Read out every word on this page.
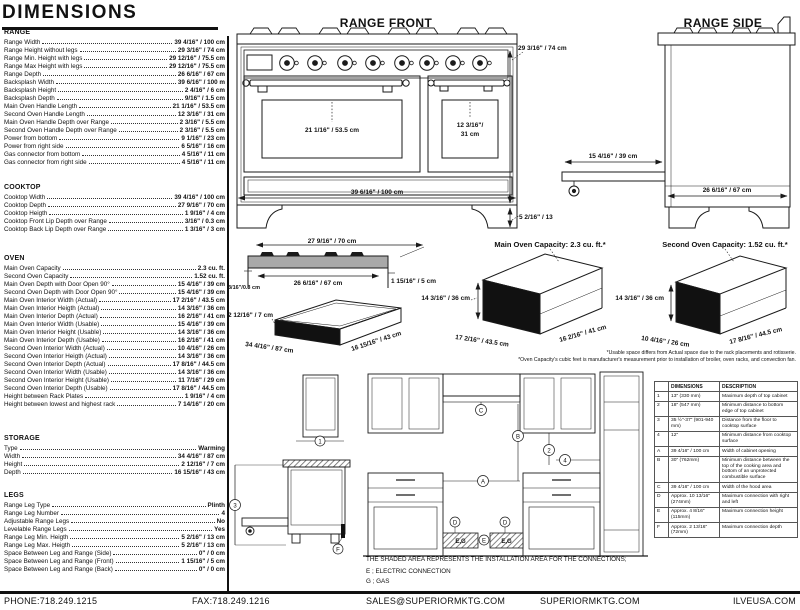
DIMENSIONS
RANGE
Range Width	39 4/16" / 100 cm
Range Height without legs	29 3/16" / 74 cm
Range Min. Height with legs	29 12/16" / 75.5 cm
Range Max Height with legs	29 12/16" / 75.5 cm
Range Depth	26 6/16" / 67 cm
Backsplash Width	39 6/16" / 100 m
Backsplash Height	2 4/16" / 6 cm
Backsplash Depth	9/16" / 1.5 cm
Main Oven Handle Length	21 1/16" / 53.5 cm
Second Oven Handle Length	12 3/16" / 31 cm
Main Oven Handle Depth over Range	2 3/16" / 5.5 cm
Second Oven Handle Depth over Range	2 3/16" / 5.5 cm
Power from bottom	9 1/16" / 23 cm
Power from right side	6 5/16" / 16 cm
Gas connector from bottom	4 5/16" / 11 cm
Gas connector from right side	4 5/16" / 11 cm
COOKTOP
Cooktop Width	39 4/16" / 100 cm
Cooktop Depth	27 9/16" / 70 cm
Cooktop Heigth	1 9/16" / 4 cm
Cooktop Front Lip Depth over Range	3/16" / 0.3 cm
Cooktop Back Lip Depth over Range	1 3/16" / 3 cm
OVEN
Main Oven Capacity	2.3 cu. ft.
Second Oven Capacity	1.52 cu. ft.
Main Oven Depth with Door Open 90°	15 4/16" / 39 cm
Second Oven Depth with Door Open 90°	15 4/16" / 39 cm
Main Oven Interior Width (Actual)	17 2/16" / 43.5 cm
Main Oven Interior Heigth (Actual)	14 3/16" / 36 cm
Main Oven Interior Depth (Actual)	16 2/16" / 41 cm
Main Oven Interior Width (Usable)	15 4/16" / 39 cm
Main Oven Interior Height (Usable)	14 3/16" / 36 cm
Main Oven Interior Depth (Usable)	16 2/16" / 41 cm
Second Oven Interior Width (Actual)	10 4/16" / 26 cm
Second Oven Interior Heigth (Actual)	14 3/16" / 36 cm
Second Oven Interior Depth (Actual)	17 8/16" / 44.5 cm
Second Oven Interior Width (Usable)	14 3/16" / 36 cm
Second Oven Interior Height (Usable)	11 7/16" / 29 cm
Second Oven Interior Depth (Usable)	17 8/16" / 44.5 cm
Height between Rack Plates	1 9/16" / 4 cm
Height between lowest and highest rack	7 14/16" / 20 cm
STORAGE
Type	Warming
Width	34 4/16" / 87 cm
Height	2 12/16" / 7 cm
Depth	16 15/16" / 43 cm
LEGS
Range Leg Type	Plinth
Range Leg Number	4
Adjustable Range Legs	No
Levelable Range Legs	Yes
Range Leg Min. Heigth	5 2/16" / 13 cm
Range Leg Max. Heigth	5 2/16" / 13 cm
Space Between Leg and Range (Side)	0" / 0 cm
Space Between Leg and Range (Front)	1 15/16" / 5 cm
Space Between Leg and Range (Back)	0" / 0 cm
RANGE FRONT	RANGE SIDE
21 1/16" / 53.5 cm
12 3/16"/
31 cm
39 6/16" / 100 cm
29 3/16" / 74 cm
5 2/16" / 13
15 4/16" / 39 cm
26 6/16" / 67 cm
27 9/16" / 70 cm
26 6/16" / 67 cm
3/16"/0.3 cm
1 15/16" / 5 cm
2 12/16" / 7 cm
34 4/16" / 87 cm	16 15/16" / 43 cm
Main Oven Capacity: 2.3 cu. ft.*
14 3/16" / 36 cm
17 2/16" / 43.5 cm	16 2/16" / 41 cm
Second Oven Capacity: 1.52 cu. ft.*
14 3/16" / 36 cm
10 4/16" / 26 cm	17 8/16" / 44.5 cm
*Usable space differs from Actual space due to the rack placements and rotisserie.
*Oven Capacity's cubic feet is manufacturer's measurement prior to installation of broiler, oven racks, and convection fan.
1
3
F
C
B
2
4
A
D	D
E
E,G	E,G
THE SHADED AREA REPRESENTS THE INSTALLATION AREA FOR THE CONNECTIONS;
E ; ELECTRIC CONNECTION
G ; GAS
	DIMENSIONS	DESCRIPTION
1	13" (330 mm)	Maximum depth of top cabinet
2	18" (547 mm)	Minimum distance to bottom edge of top cabinet
3	35 ½"-37" (901-940 mm)	Distance from the floor to cooktop surface
4	12"	Minimum distance from cooktop surface
A	39 4/16" / 100 cm	Width of cabinet opening
B	30" (762mm)	Minimum distance between the top of the cooking area and bottom of an unprotected combustible surface
C	39 4/16" / 100 cm	Width of the hood area
D	Approx. 10 13/16" (274mm)	Maximum connection with right and left
E	Approx. 4 8/16" (115mm)	Maximum connection height
F	Approx. 2 13/16" (72mm)	Maximum connection depth
PHONE:718.249.1215	FAX:718.249.1216	SALES@SUPERIORMKTG.COM	SUPERIORMKTG.COM	ILVEUSA.COM
